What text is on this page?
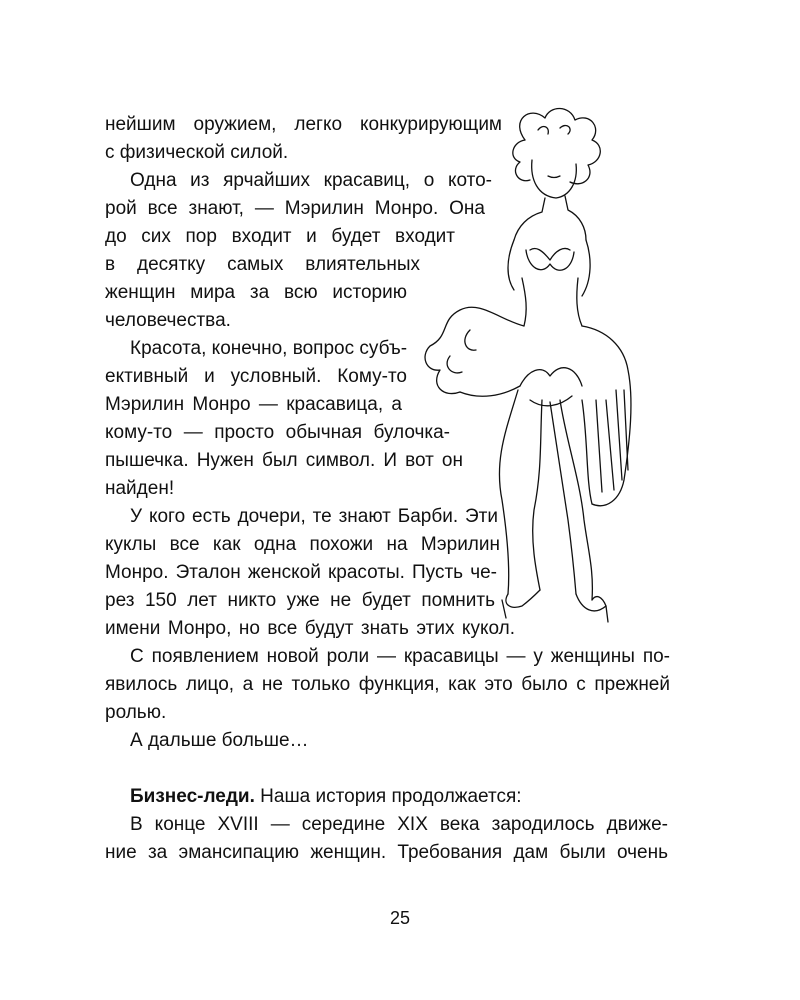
нейшим оружием, легко конкурирующим
с физической силой.
Одна из ярчайших красавиц, о кото-
рой все знают, — Мэрилин Монро. Она
до сих пор входит и будет входит
в десятку самых влиятельных
женщин мира за всю историю
человечества.
Красота, конечно, вопрос субъ-
ективный и условный. Кому-то
Мэрилин Монро — красавица, а
кому-то — просто обычная булочка-
пышечка. Нужен был символ. И вот он
найден!
У кого есть дочери, те знают Барби. Эти
куклы все как одна похожи на Мэрилин
Монро. Эталон женской красоты. Пусть че-
рез 150 лет никто уже не будет помнить
имени Монро, но все будут знать этих кукол.
С появлением новой роли — красавицы — у женщины по-
явилось лицо, а не только функция, как это было с прежней
ролью.
А дальше больше…
Бизнес-леди. Наша история продолжается:
В конце XVIII — середине XIX века зародилось движе-
ние за эмансипацию женщин. Требования дам были очень
25
